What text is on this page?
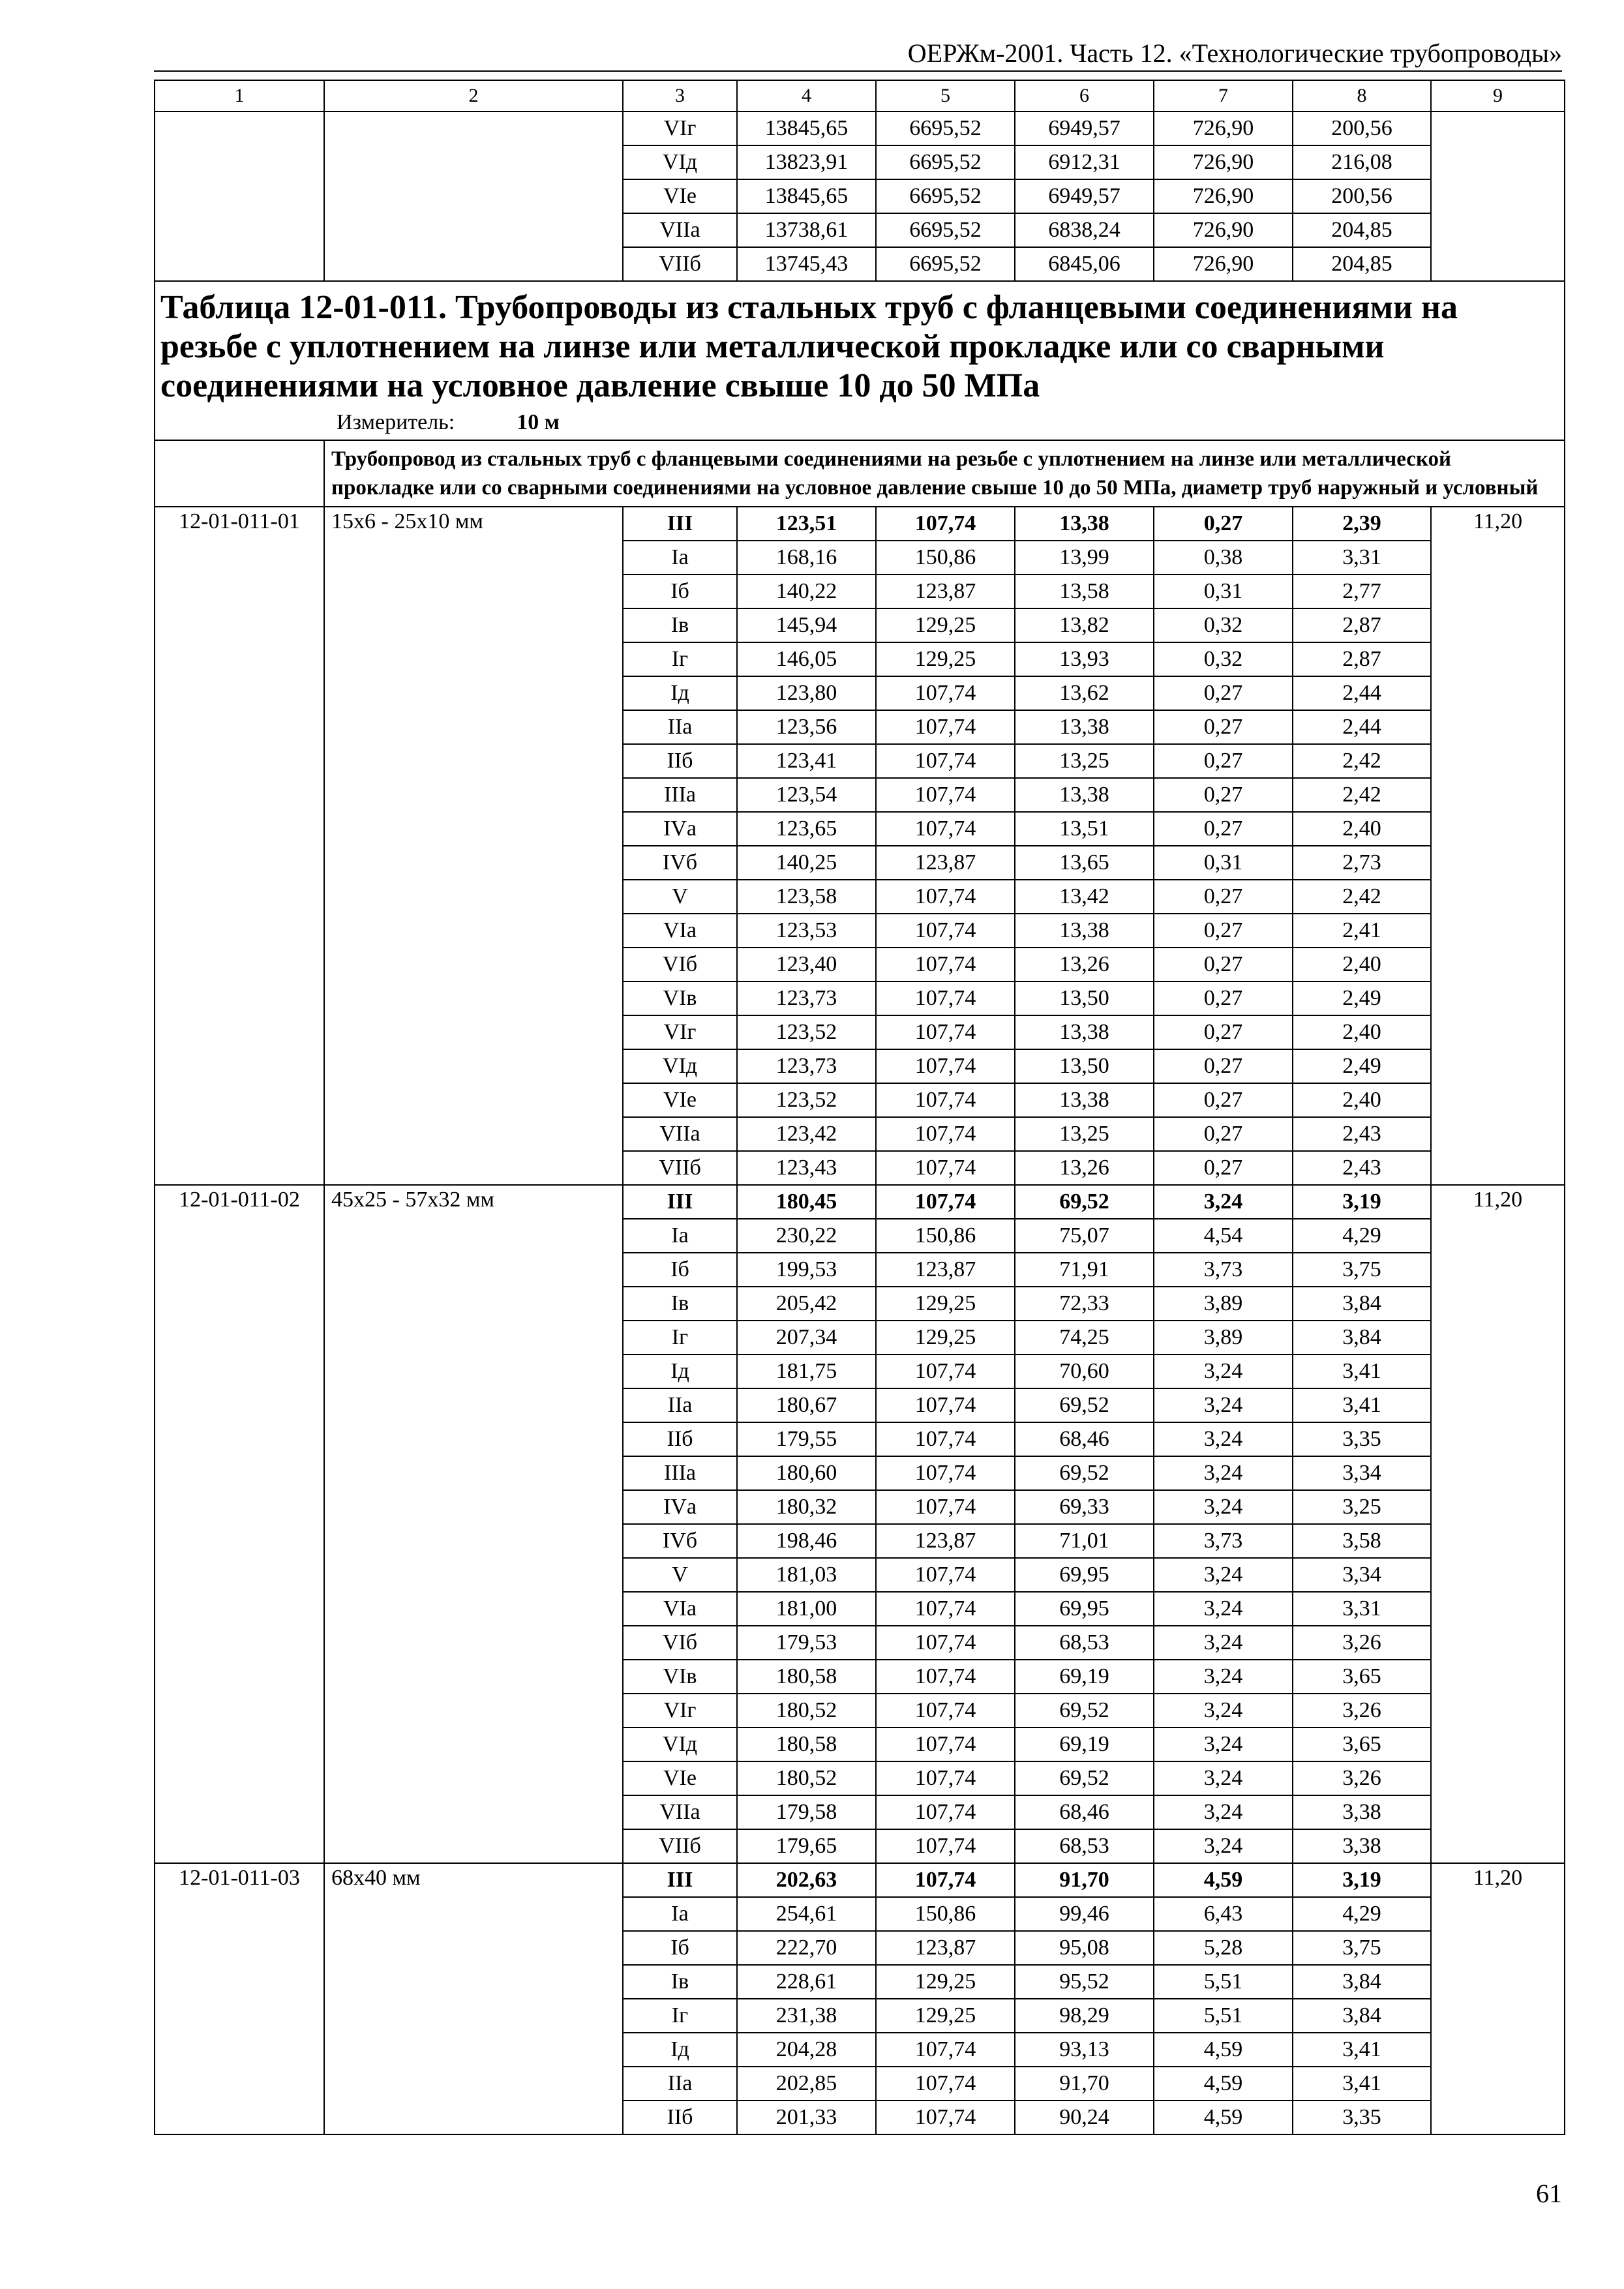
ОЕРЖм-2001. Часть 12. «Технологические трубопроводы»
1	2	3	4	5	6	7	8	9
		VIг	13845,65	6695,52	6949,57	726,90	200,56	
		VIд	13823,91	6695,52	6912,31	726,90	216,08	
		VIе	13845,65	6695,52	6949,57	726,90	200,56	
		VIIа	13738,61	6695,52	6838,24	726,90	204,85	
		VIIб	13745,43	6695,52	6845,06	726,90	204,85	

Таблица 12-01-011. Трубопроводы из стальных труб с фланцевыми соединениями на резьбе с уплотнением на линзе или металлической прокладке или со сварными соединениями на условное давление свыше 10 до 50 МПа
Измеритель: 10 м								

	Трубопровод из стальных труб с фланцевыми соединениями на резьбе с уплотнением на линзе или металлической прокладке или со сварными соединениями на условное давление свыше 10 до 50 МПа, диаметр труб наружный и условный							
12-01-011-01	15х6 - 25х10 мм	III	123,51	107,74	13,38	0,27	2,39	11,20
		Iа	168,16	150,86	13,99	0,38	3,31	
		Iб	140,22	123,87	13,58	0,31	2,77	
		Iв	145,94	129,25	13,82	0,32	2,87	
		Iг	146,05	129,25	13,93	0,32	2,87	
		Iд	123,80	107,74	13,62	0,27	2,44	
		IIа	123,56	107,74	13,38	0,27	2,44	
		IIб	123,41	107,74	13,25	0,27	2,42	
		IIIа	123,54	107,74	13,38	0,27	2,42	
		IVа	123,65	107,74	13,51	0,27	2,40	
		IVб	140,25	123,87	13,65	0,31	2,73	
		V	123,58	107,74	13,42	0,27	2,42	
		VIа	123,53	107,74	13,38	0,27	2,41	
		VIб	123,40	107,74	13,26	0,27	2,40	
		VIв	123,73	107,74	13,50	0,27	2,49	
		VIг	123,52	107,74	13,38	0,27	2,40	
		VIд	123,73	107,74	13,50	0,27	2,49	
		VIе	123,52	107,74	13,38	0,27	2,40	
		VIIа	123,42	107,74	13,25	0,27	2,43	
		VIIб	123,43	107,74	13,26	0,27	2,43	
12-01-011-02	45х25 - 57х32 мм	III	180,45	107,74	69,52	3,24	3,19	11,20
		Iа	230,22	150,86	75,07	4,54	4,29	
		Iб	199,53	123,87	71,91	3,73	3,75	
		Iв	205,42	129,25	72,33	3,89	3,84	
		Iг	207,34	129,25	74,25	3,89	3,84	
		Iд	181,75	107,74	70,60	3,24	3,41	
		IIа	180,67	107,74	69,52	3,24	3,41	
		IIб	179,55	107,74	68,46	3,24	3,35	
		IIIа	180,60	107,74	69,52	3,24	3,34	
		IVа	180,32	107,74	69,33	3,24	3,25	
		IVб	198,46	123,87	71,01	3,73	3,58	
		V	181,03	107,74	69,95	3,24	3,34	
		VIа	181,00	107,74	69,95	3,24	3,31	
		VIб	179,53	107,74	68,53	3,24	3,26	
		VIв	180,58	107,74	69,19	3,24	3,65	
		VIг	180,52	107,74	69,52	3,24	3,26	
		VIд	180,58	107,74	69,19	3,24	3,65	
		VIе	180,52	107,74	69,52	3,24	3,26	
		VIIа	179,58	107,74	68,46	3,24	3,38	
		VIIб	179,65	107,74	68,53	3,24	3,38	
12-01-011-03	68х40 мм	III	202,63	107,74	91,70	4,59	3,19	11,20
		Iа	254,61	150,86	99,46	6,43	4,29	
		Iб	222,70	123,87	95,08	5,28	3,75	
		Iв	228,61	129,25	95,52	5,51	3,84	
		Iг	231,38	129,25	98,29	5,51	3,84	
		Iд	204,28	107,74	93,13	4,59	3,41	
		IIа	202,85	107,74	91,70	4,59	3,41	
		IIб	201,33	107,74	90,24	4,59	3,35	
61
